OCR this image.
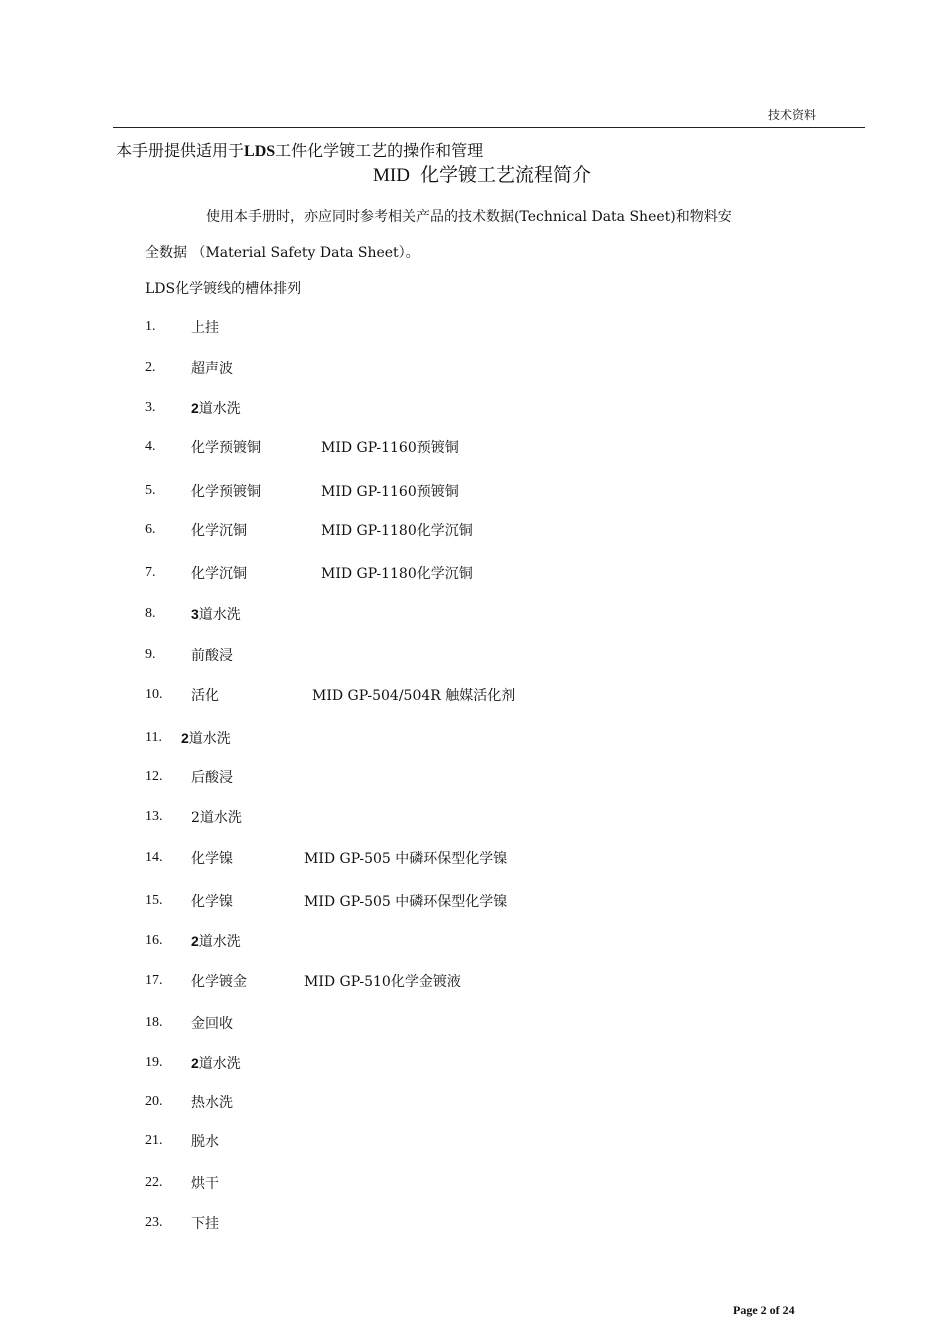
技术资料
本手册提供适用于LDS工件化学镀工艺的操作和管理
MID 化学镀工艺流程简介
使用本手册时，亦应同时参考相关产品的技术数据(Technical Data Sheet)和物料安
全数据 （Material Safety Data Sheet）。
LDS化学镀线的槽体排列
1.	上挂
2.	超声波
3.	2道水洗
4.	化学预镀铜	MID GP-1160预镀铜
5.	化学预镀铜	MID GP-1160预镀铜
6.	化学沉铜	MID GP-1180化学沉铜
7.	化学沉铜	MID GP-1180化学沉铜
8.	3道水洗
9.	前酸浸
10. 活化	MID GP-504/504R 触媒活化剂
11. 2道水洗
12. 后酸浸
13. 2道水洗
14. 化学镍	MID GP-505 中磷环保型化学镍
15. 化学镍	MID GP-505 中磷环保型化学镍
16. 2道水洗
17. 化学镀金	MID GP-510化学金镀液
18. 金回收
19. 2道水洗
20. 热水洗
21. 脱水
22. 烘干
23. 下挂
Page 2 of 24
